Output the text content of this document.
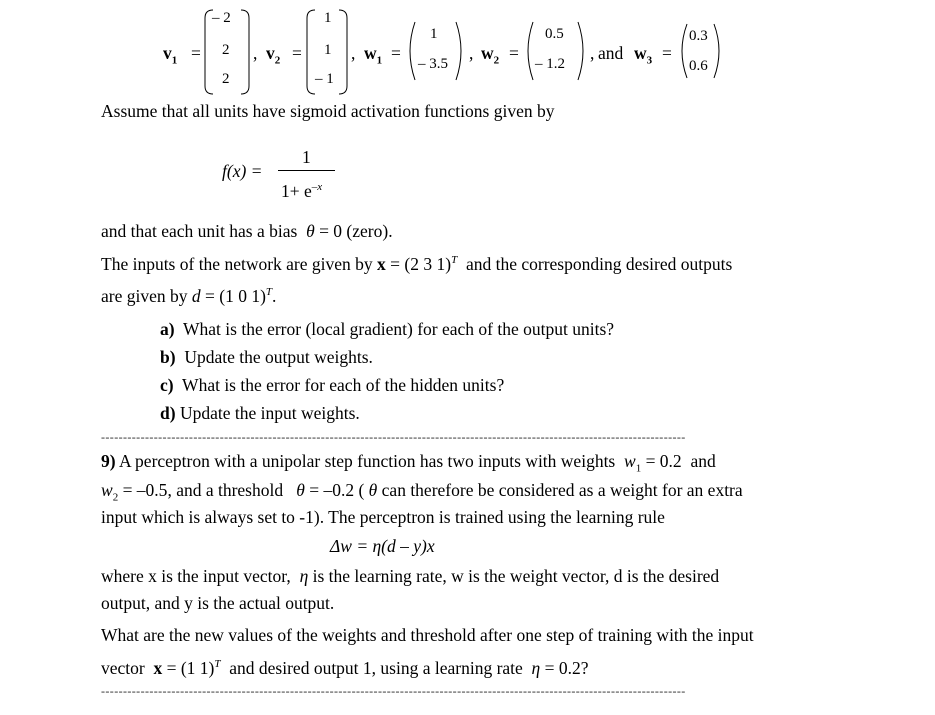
$v_1$ =
– 2
2
2
, $v_2$ =
1
1
– 1
, $w_1$ =
1
– 3.5
, $w_2$ =
0.5
– 1.2
, and $w_3$ =
0.3
0.6
Assume that all units have sigmoid activation functions given by
f(x) =
1
$1+ e^{-x}$
and that each unit has a bias θ = 0 (zero).
The inputs of the network are given by x = (2 3 1)$^T$ and the corresponding desired outputs
are given by d = (1 0 1)$^T$.
a) What is the error (local gradient) for each of the output units?
b) Update the output weights.
c) What is the error for each of the hidden units?
d) Update the input weights.
-------------------------------------------------------------------------------------------------------------------------------------
9) A perceptron with a unipolar step function has two inputs with weights $w_1 = 0.2$ and
$w_2 = -0.5$, and a threshold θ = –0.2 ( θ can therefore be considered as a weight for an extra
input which is always set to -1). The perceptron is trained using the learning rule
Δw = η(d – y)x
where x is the input vector, η is the learning rate, w is the weight vector, d is the desired
output, and y is the actual output.
What are the new values of the weights and threshold after one step of training with the input
vector x = (1 1)$^T$ and desired output 1, using a learning rate η = 0.2?
-------------------------------------------------------------------------------------------------------------------------------------
